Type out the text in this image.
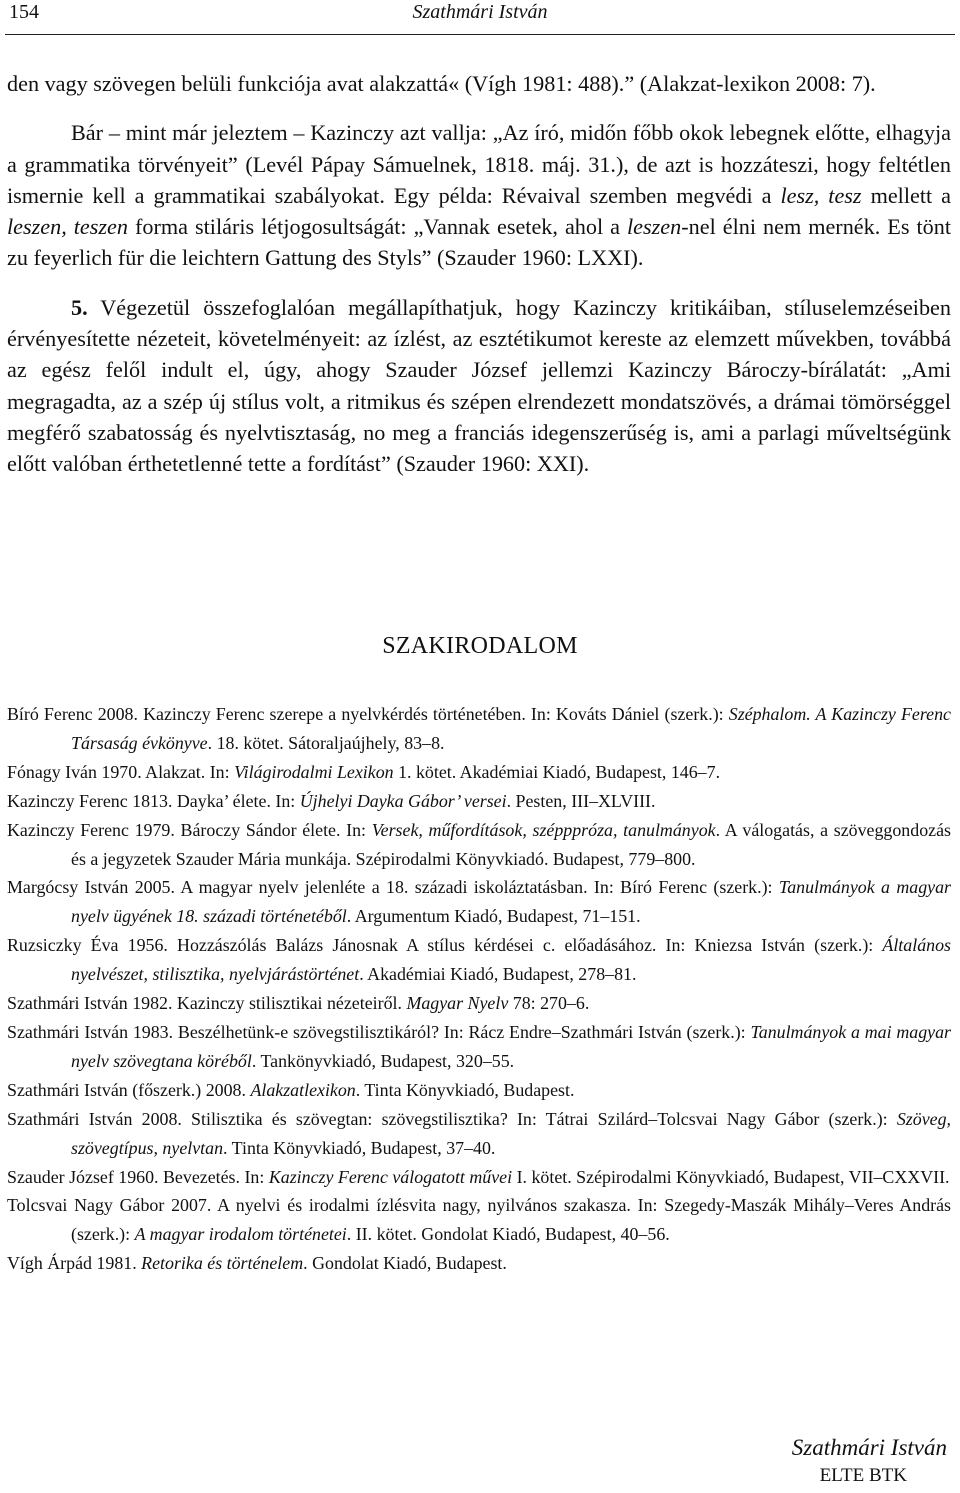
154	Szathmári István

den vagy szövegen belüli funkciója avat alakzattá« (Vígh 1981: 488).” (Alakzat-lexikon 2008: 7).

Bár – mint már jeleztem – Kazinczy azt vallja: „Az író, midőn főbb okok lebegnek előtte, elhagyja a grammatika törvényeit” (Levél Pápay Sámuelnek, 1818. máj. 31.), de azt is hozzáteszi, hogy feltétlen ismernie kell a grammatikai szabályokat. Egy példa: Révaival szemben megvédi a lesz, tesz mellett a leszen, teszen forma stiláris létjogosultságát: „Vannak esetek, ahol a leszen-nel élni nem mernék. Es tönt zu feyerlich für die leichtern Gattung des Styls” (Szauder 1960: LXXI).

5. Végezetül összefoglalóan megállapíthatjuk, hogy Kazinczy kritikáiban, stíluselemzéseiben érvényesítette nézeteit, követelményeit: az ízlést, az esztétikumot kereste az elemzett művekben, továbbá az egész felől indult el, úgy, ahogy Szauder József jellemzi Kazinczy Bároczy-bírálatát: „Ami megragadta, az a szép új stílus volt, a ritmikus és szépen elrendezett mondatszövés, a drámai tömörséggel megférő szabatosság és nyelvtisztaság, no meg a franciás idegenszerűség is, ami a parlagi műveltségünk előtt valóban érthetetlenné tette a fordítást” (Szauder 1960: XXI).

SZAKIRODALOM
Bíró Ferenc 2008. Kazinczy Ferenc szerepe a nyelvkérdés történetében. In: Kováts Dániel (szerk.): Széphalom. A Kazinczy Ferenc Társaság évkönyve. 18. kötet. Sátoraljaújhely, 83–8.
Fónagy Iván 1970. Alakzat. In: Világirodalmi Lexikon 1. kötet. Akadémiai Kiadó, Budapest, 146–7.
Kazinczy Ferenc 1813. Dayka’ élete. In: Újhelyi Dayka Gábor’ versei. Pesten, III–XLVIII.
Kazinczy Ferenc 1979. Bároczy Sándor élete. In: Versek, műfordítások, szépppróza, tanulmányok. A válogatás, a szöveggondozás és a jegyzetek Szauder Mária munkája. Szépirodalmi Könyvkiadó. Budapest, 779–800.
Margócsy István 2005. A magyar nyelv jelenléte a 18. századi iskoláztatásban. In: Bíró Ferenc (szerk.): Tanulmányok a magyar nyelv ügyének 18. századi történetéből. Argumentum Kiadó, Budapest, 71–151.
Ruzsiczky Éva 1956. Hozzászólás Balázs Jánosnak A stílus kérdései c. előadásához. In: Kniezsa István (szerk.): Általános nyelvészet, stilisztika, nyelvjárástörténet. Akadémiai Kiadó, Budapest, 278–81.
Szathmári István 1982. Kazinczy stilisztikai nézeteiről. Magyar Nyelv 78: 270–6.
Szathmári István 1983. Beszélhetünk-e szövegstilisztikáról? In: Rácz Endre–Szathmári István (szerk.): Tanulmányok a mai magyar nyelv szövegtana köréből. Tankönyvkiadó, Budapest, 320–55.
Szathmári István (főszerk.) 2008. Alakzatlexikon. Tinta Könyvkiadó, Budapest.
Szathmári István 2008. Stilisztika és szövegtan: szövegstilisztika? In: Tátrai Szilárd–Tolcsvai Nagy Gábor (szerk.): Szöveg, szövegtípus, nyelvtan. Tinta Könyvkiadó, Budapest, 37–40.
Szauder József 1960. Bevezetés. In: Kazinczy Ferenc válogatott művei I. kötet. Szépirodalmi Könyvkiadó, Budapest, VII–CXXVII.
Tolcsvai Nagy Gábor 2007. A nyelvi és irodalmi ízlésvita nagy, nyilvános szakasza. In: Szegedy-Maszák Mihály–Veres András (szerk.): A magyar irodalom történetei. II. kötet. Gondolat Kiadó, Budapest, 40–56.
Vígh Árpád 1981. Retorika és történelem. Gondolat Kiadó, Budapest.
Szathmári István
ELTE BTK
